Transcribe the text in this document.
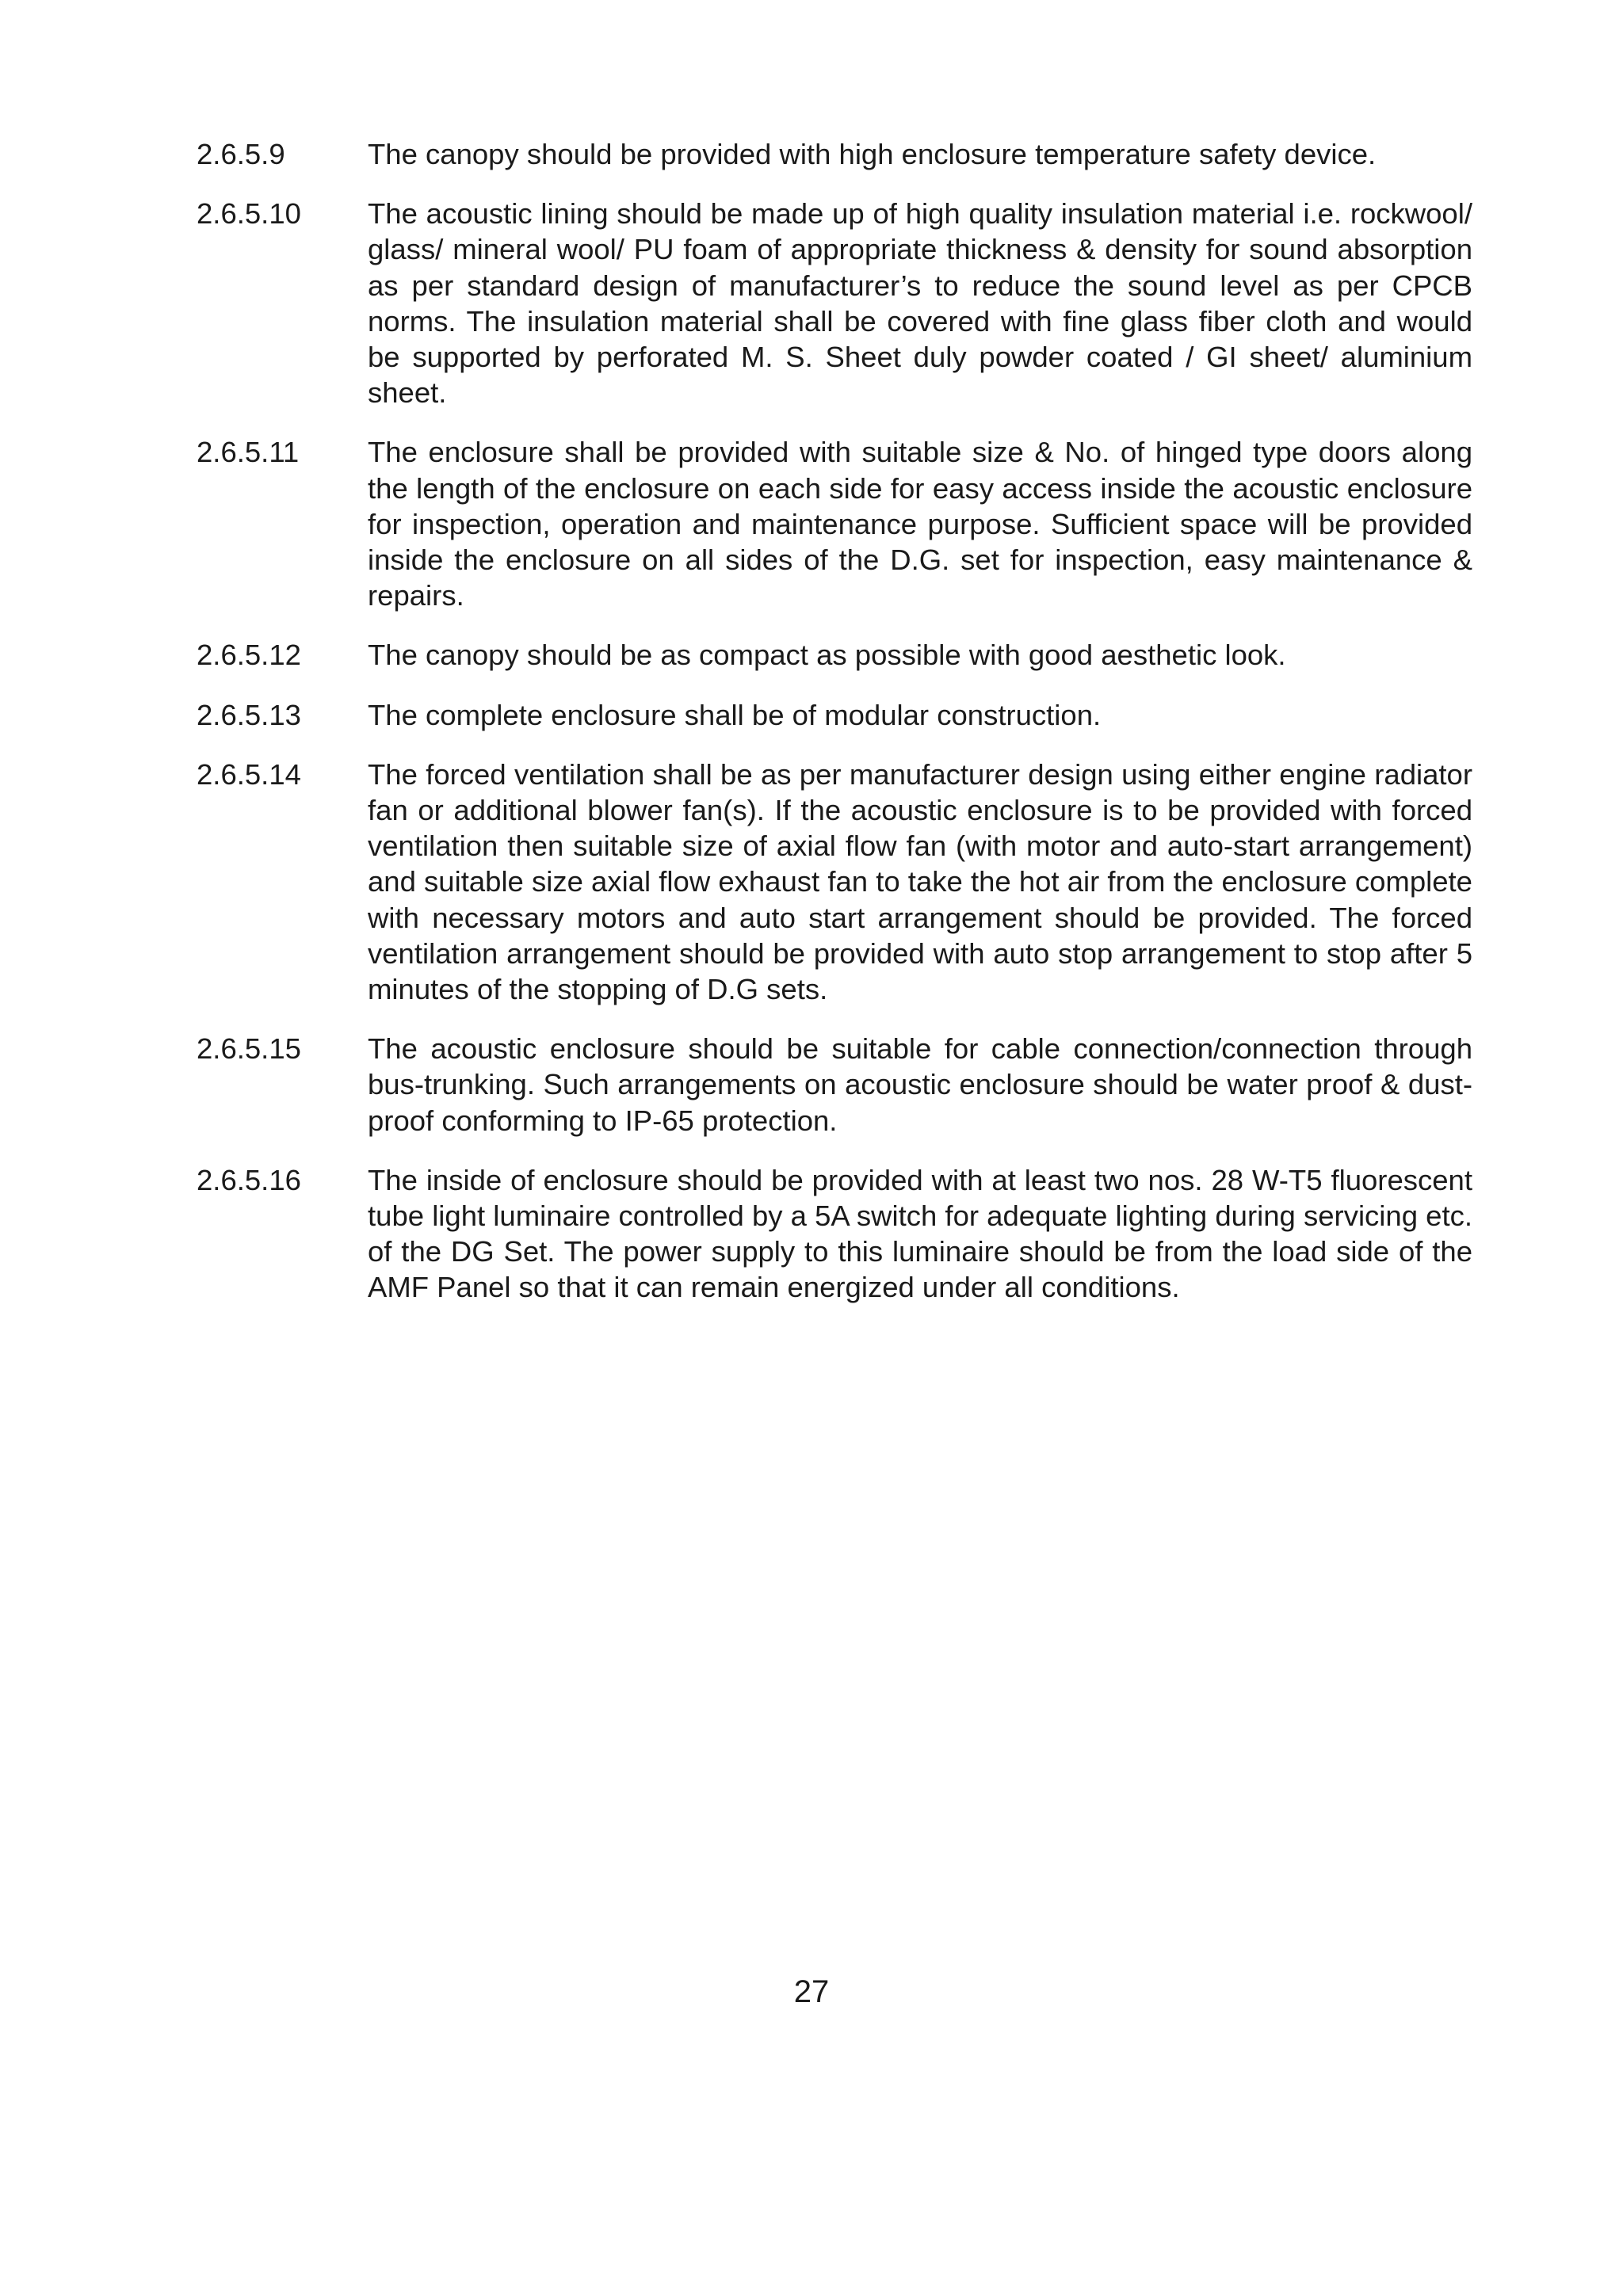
2.6.5.9	The canopy should be provided with high enclosure temperature safety device.
2.6.5.10	The acoustic lining should be made up of high quality insulation material i.e. rockwool/ glass/ mineral wool/ PU foam of appropriate thickness & density for sound absorption as per standard design of manufacturer’s to reduce the sound level as per CPCB norms. The insulation material shall be covered with fine glass fiber cloth and would be supported by perforated M. S. Sheet duly powder coated / GI sheet/ aluminium sheet.
2.6.5.11	The enclosure shall be provided with suitable size & No. of hinged type doors along the length of the enclosure on each side for easy access inside the acoustic enclosure for inspection, operation and maintenance purpose. Sufficient space will be provided inside the enclosure on all sides of the D.G. set for inspection, easy maintenance & repairs.
2.6.5.12	The canopy should be as compact as possible with good aesthetic look.
2.6.5.13	The complete enclosure shall be of modular construction.
2.6.5.14	The forced ventilation shall be as per manufacturer design using either engine radiator fan or additional blower fan(s). If the acoustic enclosure is to be provided with forced ventilation then suitable size of axial flow fan (with motor and auto-start arrangement) and suitable size axial flow exhaust fan to take the hot air from the enclosure complete with necessary motors and auto start arrangement should be provided. The forced ventilation arrangement should be provided with auto stop arrangement to stop after 5 minutes of the stopping of D.G sets.
2.6.5.15	The acoustic enclosure should be suitable for cable connection/connection through bus-trunking. Such arrangements on acoustic enclosure should be water proof & dust-proof conforming to IP-65 protection.
2.6.5.16	The inside of enclosure should be provided with at least two nos. 28 W-T5 fluorescent tube light luminaire controlled by a 5A switch for adequate lighting during servicing etc. of the DG Set. The power supply to this luminaire should be from the load side of the AMF Panel so that it can remain energized under all conditions.
27
